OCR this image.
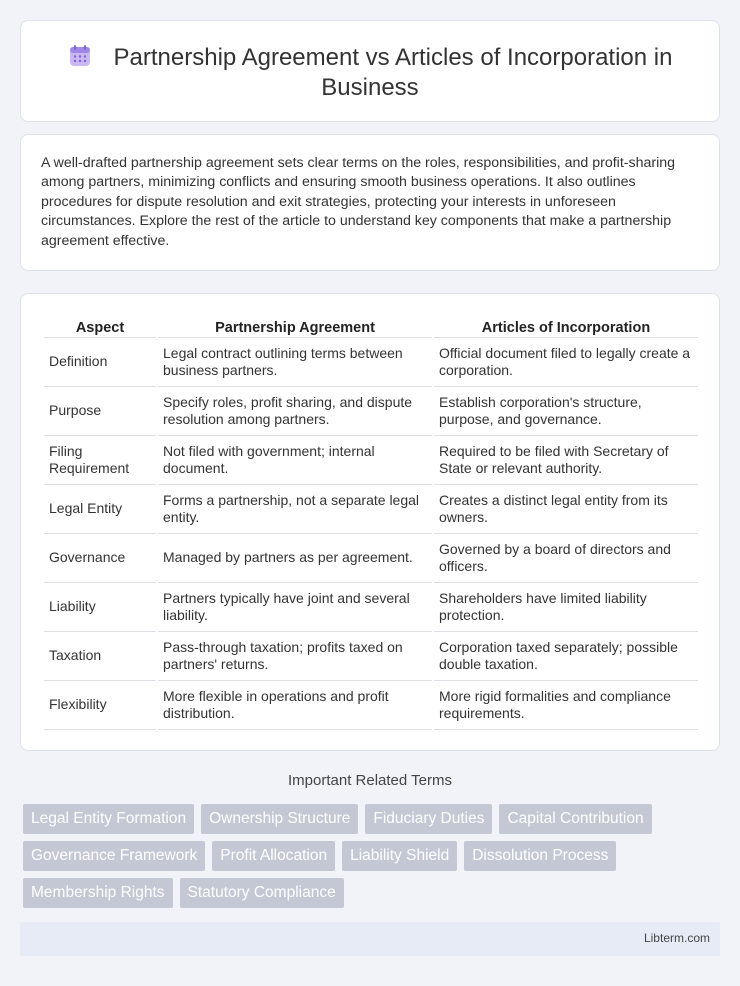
Partnership Agreement vs Articles of Incorporation in Business

A well-drafted partnership agreement sets clear terms on the roles, responsibilities, and profit-sharing among partners, minimizing conflicts and ensuring smooth business operations. It also outlines procedures for dispute resolution and exit strategies, protecting your interests in unforeseen circumstances. Explore the rest of the article to understand key components that make a partnership agreement effective.

Aspect	Partnership Agreement	Articles of Incorporation
Definition	Legal contract outlining terms between business partners.	Official document filed to legally create a corporation.
Purpose	Specify roles, profit sharing, and dispute resolution among partners.	Establish corporation's structure, purpose, and governance.
Filing Requirement	Not filed with government; internal document.	Required to be filed with Secretary of State or relevant authority.
Legal Entity	Forms a partnership, not a separate legal entity.	Creates a distinct legal entity from its owners.
Governance	Managed by partners as per agreement.	Governed by a board of directors and officers.
Liability	Partners typically have joint and several liability.	Shareholders have limited liability protection.
Taxation	Pass-through taxation; profits taxed on partners' returns.	Corporation taxed separately; possible double taxation.
Flexibility	More flexible in operations and profit distribution.	More rigid formalities and compliance requirements.
Important Related Terms
Legal Entity Formation	Ownership Structure	Fiduciary Duties	Capital Contribution
Governance Framework	Profit Allocation	Liability Shield	Dissolution Process
Membership Rights	Statutory Compliance
Libterm.com
